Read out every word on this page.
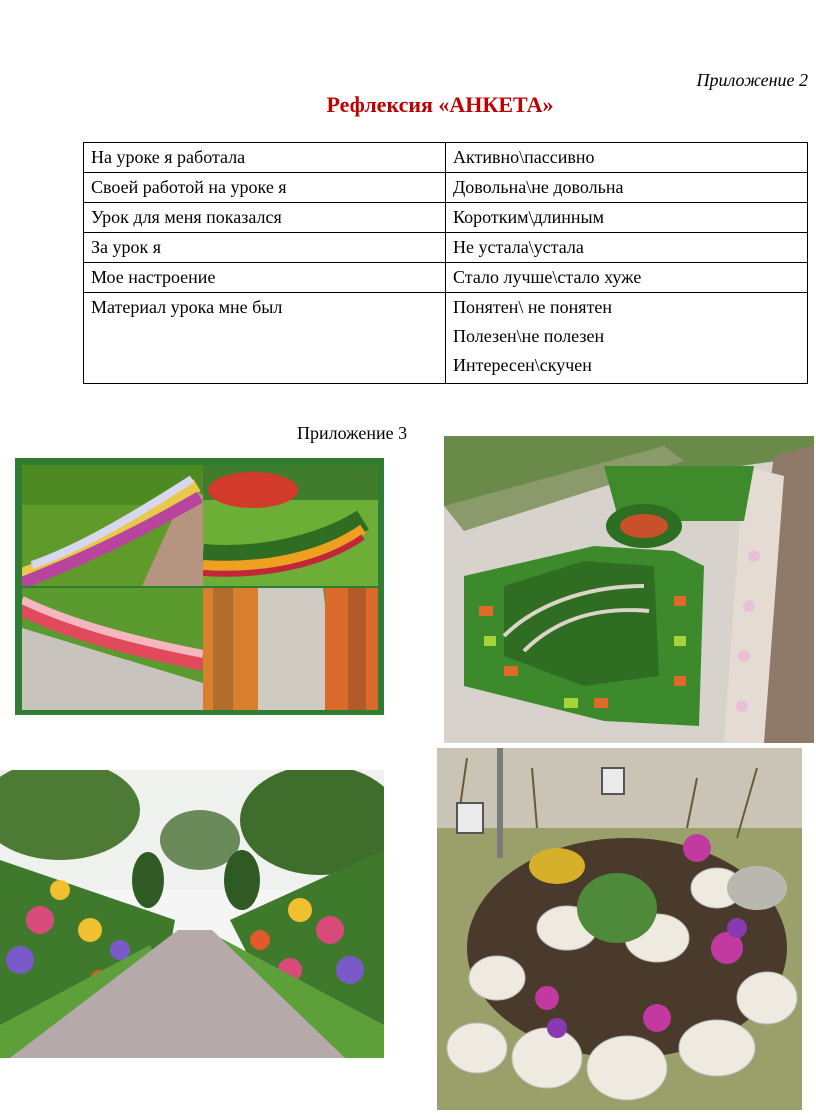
Приложение 2
Рефлексия «АНКЕТА»
На уроке я работала	Активно\пассивно
Своей работой на уроке я	Довольна\не довольна
Урок для меня показался	Коротким\длинным
За урок я	Не устала\устала
Мое настроение	Стало лучше\стало хуже
Материал урока мне был	Понятен\ не понятен
Полезен\не полезен
Интересен\скучен
Приложение 3
